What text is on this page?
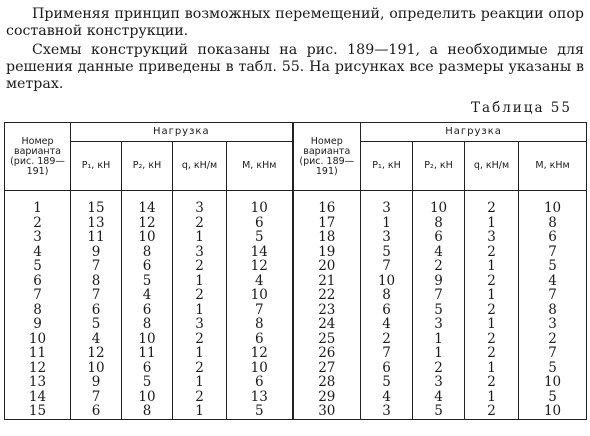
Применяя принцип возможных перемещений, определить реакции опор составной конструкции.

Схемы конструкций показаны на рис. 189—191, а необходимые для решения данные приведены в табл. 55. На рисунках все размеры указаны в метрах.

Таблица 55
Номер варианта (рис. 189—191)	Нагрузка				Номер варианта (рис. 189—191)	Нагрузка			
	P₁, кН	P₂, кН	q, кН/м	M, кНм		P₁, кН	P₂, кН	q, кН/м	M, кНм

1	15	14	3	10	16	3	10	2	10
2	13	12	2	6	17	1	8	1	8
3	11	10	1	5	18	3	6	3	6
4	9	8	3	14	19	5	4	2	7
5	7	6	2	12	20	7	2	1	5
6	8	5	1	4	21	10	9	2	4
7	7	4	2	10	22	8	7	1	7
8	6	6	1	7	23	6	5	2	8
9	5	8	3	8	24	4	3	1	3
10	4	10	2	6	25	2	1	2	2
11	12	11	1	12	26	7	1	2	7
12	10	6	2	10	27	6	2	1	5
13	9	5	1	6	28	5	3	2	10
14	7	10	2	13	29	4	4	1	5
15	6	8	1	5	30	3	5	2	10
